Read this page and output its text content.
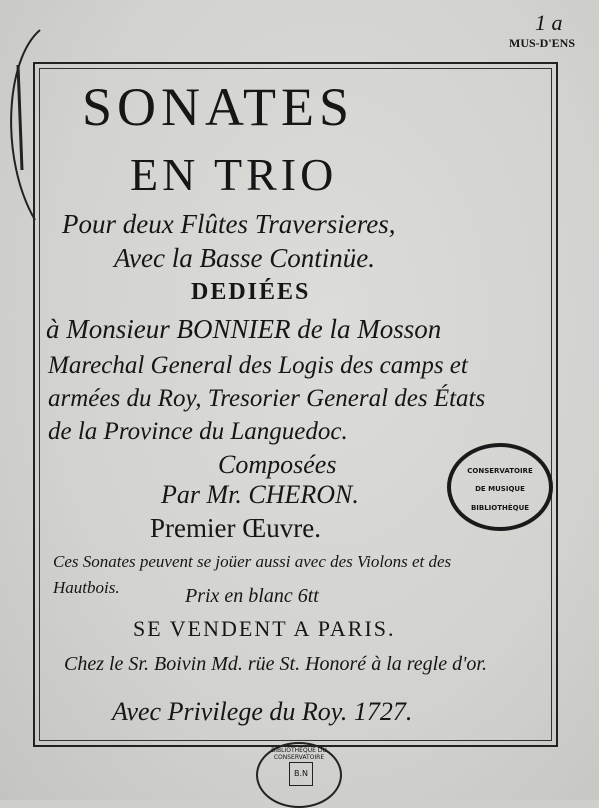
1 a
MUS-D'ENS

SONATES

EN TRIO

Pour deux Flûtes Traversieres,

Avec la Basse Continüe.

DEDIÉES

à Monsieur BONNIER de la Mosson

Marechal General des Logis des camps et

armées du Roy, Tresorier General des États

de la Province du Languedoc.

Composées

Par Mr. CHERON.

Premier Œuvre.

Ces Sonates peuvent se joüer aussi avec des Violons et des

Hautbois.	Prix en blanc 6tt

SE VENDENT A PARIS.

Chez le Sr. Boivin Md. rüe St. Honoré à la regle d'or.

Avec Privilege du Roy. 1727.

CONSERVATOIRE
DE MUSIQUE
BIBLIOTHÈQUE
BIBLIOTHÈQUE DU CONSERVATOIRE
B.N
